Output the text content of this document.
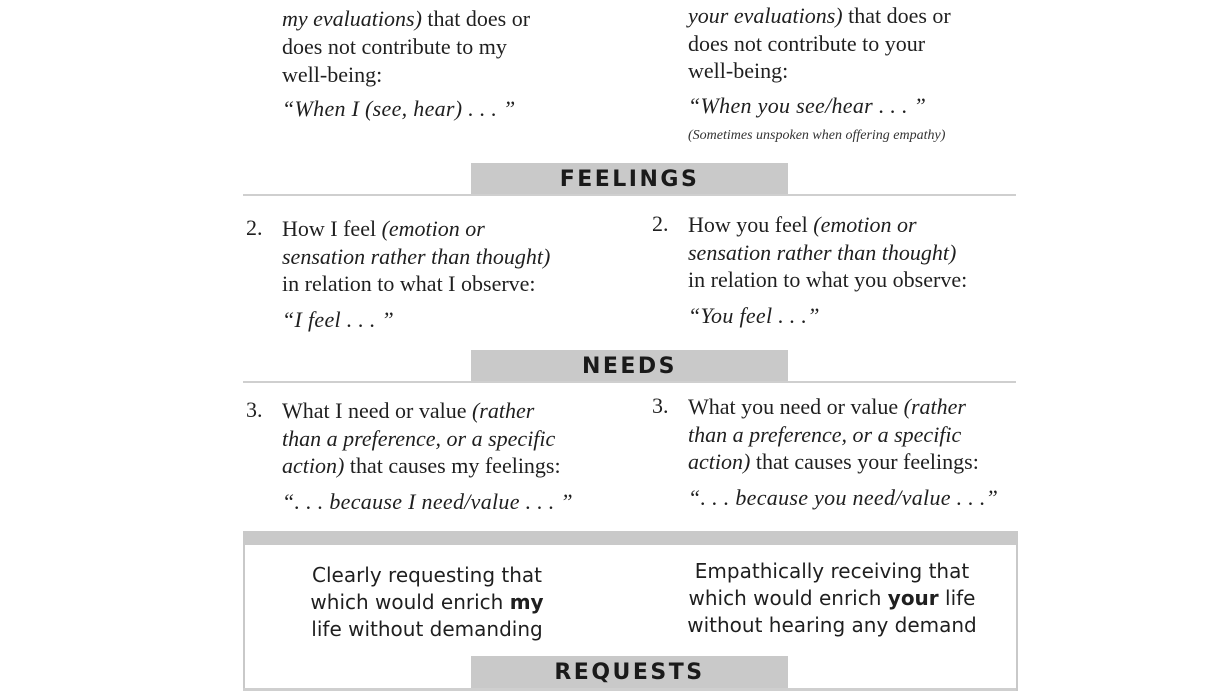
my evaluations) that does or
does not contribute to my
well-being:
“When I (see, hear) . . . ”
your evaluations) that does or
does not contribute to your
well-being:
“When you see/hear . . . ”
(Sometimes unspoken when offering empathy)
FEELINGS
2. How I feel (emotion or
sensation rather than thought)
in relation to what I observe:
“I feel . . . ”
2. How you feel (emotion or
sensation rather than thought)
in relation to what you observe:
“You feel . . .”
NEEDS
3. What I need or value (rather
than a preference, or a specific
action) that causes my feelings:
“. . . because I need/value . . . ”
3. What you need or value (rather
than a preference, or a specific
action) that causes your feelings:
“. . . because you need/value . . .”
Clearly requesting that
which would enrich my
life without demanding
Empathically receiving that
which would enrich your life
without hearing any demand
REQUESTS
